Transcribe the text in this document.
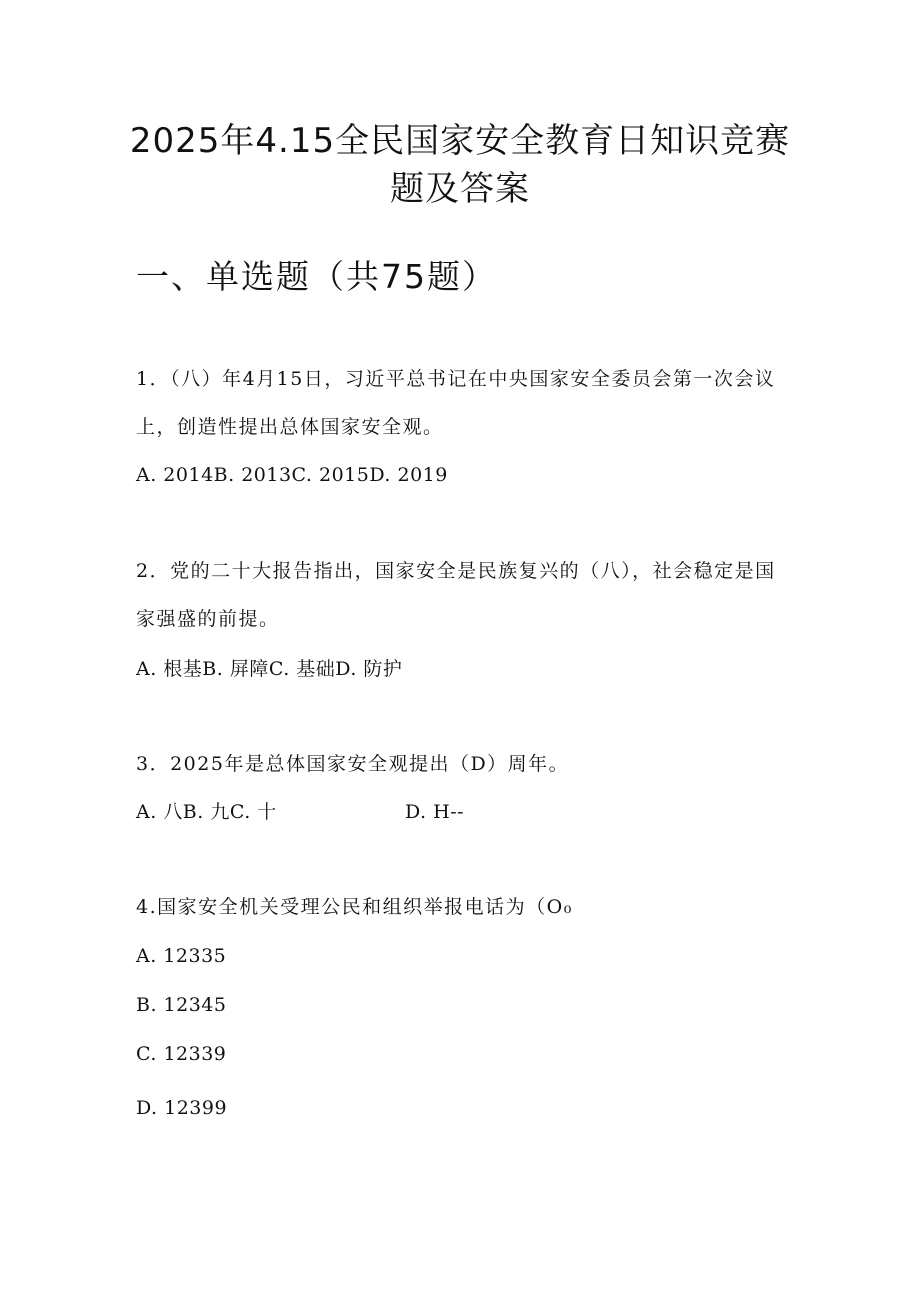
2025年4.15全民国家安全教育日知识竞赛
题及答案
一、单选题（共75题）
1．（八）年4月15日，习近平总书记在中央国家安全委员会第一次会议
上，创造性提出总体国家安全观。
A. 2014B. 2013C. 2015D. 2019
2．党的二十大报告指出，国家安全是民族复兴的（八），社会稳定是国
家强盛的前提。
A. 根基B. 屏障C. 基础D. 防护
3．2025年是总体国家安全观提出（D）周年。
A. 八B. 九C. 十	D. H--
4.国家安全机关受理公民和组织举报电话为（O₀
A. 12335
B. 12345
C. 12339
D. 12399
